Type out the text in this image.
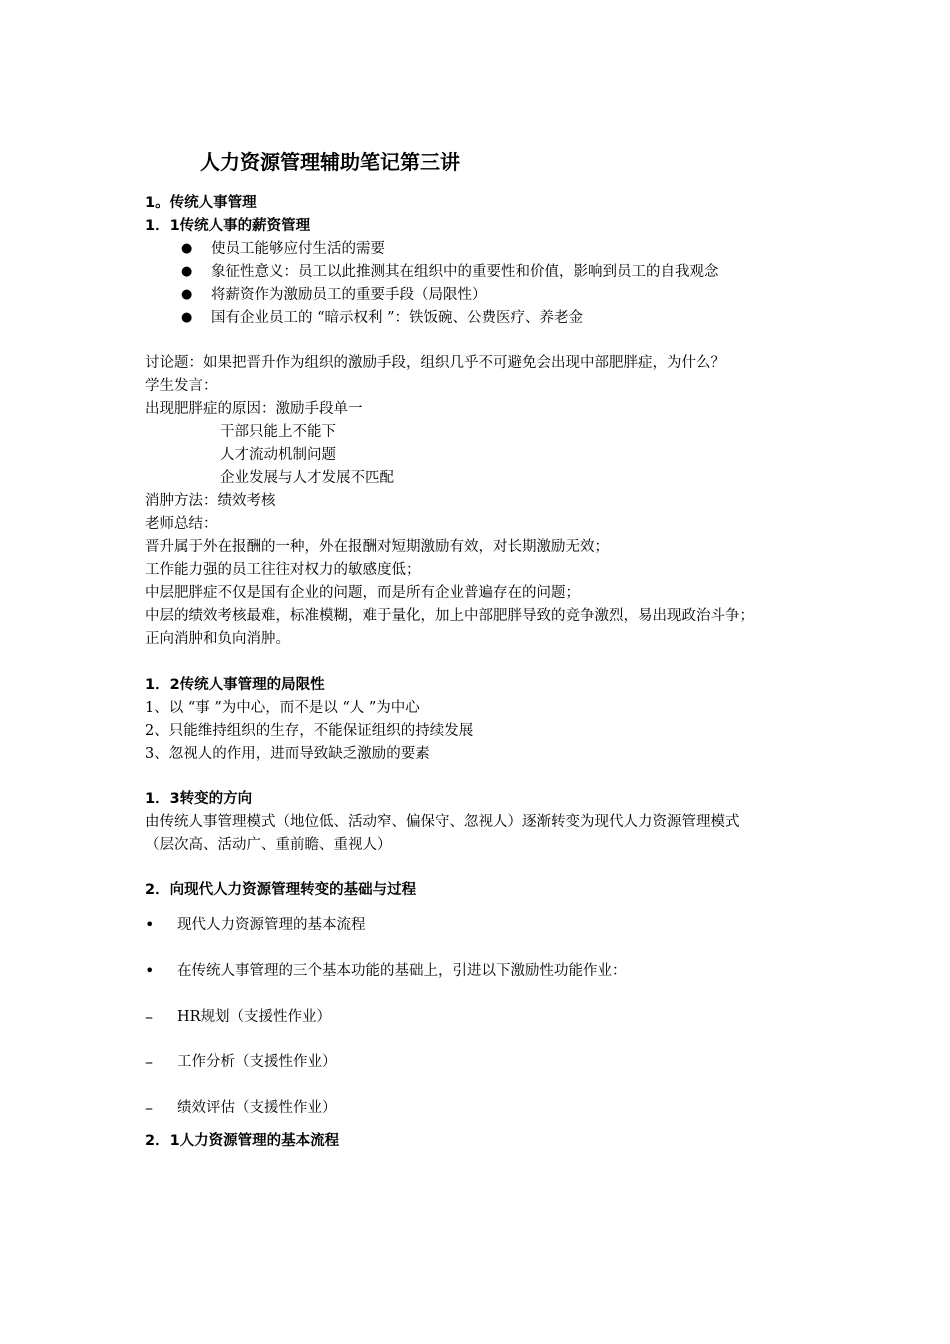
人力资源管理辅助笔记第三讲
1。传统人事管理
1．1传统人事的薪资管理
● 使员工能够应付生活的需要
● 象征性意义：员工以此推测其在组织中的重要性和价值，影响到员工的自我观念
● 将薪资作为激励员工的重要手段（局限性）
● 国有企业员工的 “暗示权利 ”：铁饭碗、公费医疗、养老金
讨论题：如果把晋升作为组织的激励手段，组织几乎不可避免会出现中部肥胖症，为什么？
学生发言：
出现肥胖症的原因：激励手段单一
干部只能上不能下
人才流动机制问题
企业发展与人才发展不匹配
消肿方法：绩效考核
老师总结：
晋升属于外在报酬的一种，外在报酬对短期激励有效，对长期激励无效；
工作能力强的员工往往对权力的敏感度低；
中层肥胖症不仅是国有企业的问题，而是所有企业普遍存在的问题；
中层的绩效考核最难，标准模糊，难于量化，加上中部肥胖导致的竞争激烈，易出现政治斗争；
正向消肿和负向消肿。
1．2传统人事管理的局限性
1、以 “事 ”为中心，而不是以 “人 ”为中心
2、只能维持组织的生存，不能保证组织的持续发展
3、忽视人的作用，进而导致缺乏激励的要素
1．3转变的方向
由传统人事管理模式（地位低、活动窄、偏保守、忽视人）逐渐转变为现代人力资源管理模式
（层次高、活动广、重前瞻、重视人）
2．向现代人力资源管理转变的基础与过程
• 现代人力资源管理的基本流程
• 在传统人事管理的三个基本功能的基础上，引进以下激励性功能作业：
– HR规划（支援性作业）
– 工作分析（支援性作业）
– 绩效评估（支援性作业）
2．1人力资源管理的基本流程
